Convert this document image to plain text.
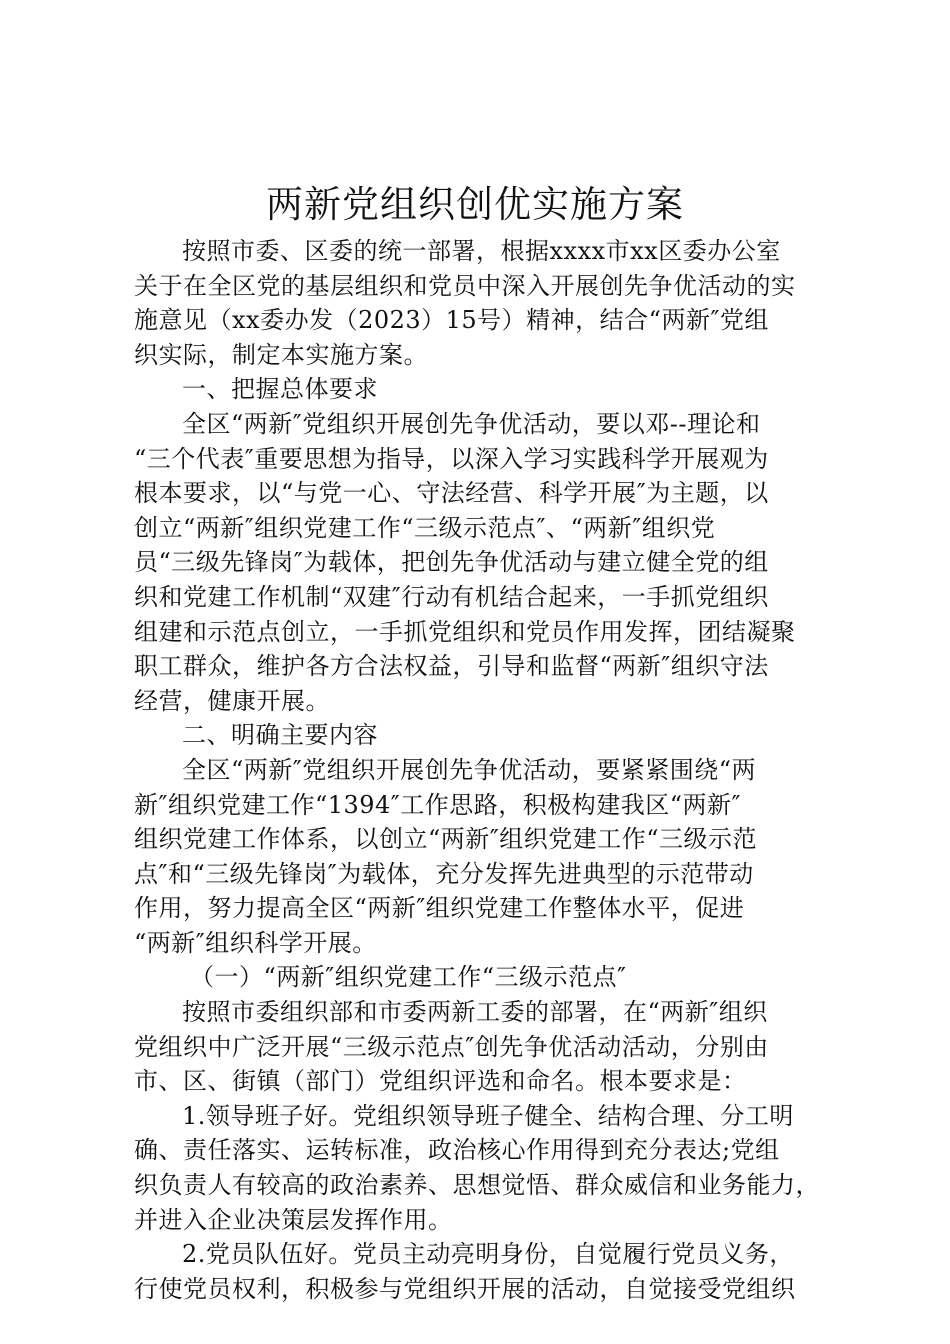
两新党组织创优实施方案
按照市委、区委的统一部署，根据xxxx市xx区委办公室
关于在全区党的基层组织和党员中深入开展创先争优活动的实
施意见（xx委办发（2023）15号）精神，结合“两新″党组
织实际，制定本实施方案。
一、把握总体要求
全区“两新″党组织开展创先争优活动，要以邓--理论和
“三个代表″重要思想为指导，以深入学习实践科学开展观为
根本要求，以“与党一心、守法经营、科学开展″为主题，以
创立“两新″组织党建工作“三级示范点″、“两新″组织党
员“三级先锋岗″为载体，把创先争优活动与建立健全党的组
织和党建工作机制“双建″行动有机结合起来，一手抓党组织
组建和示范点创立，一手抓党组织和党员作用发挥，团结凝聚
职工群众，维护各方合法权益，引导和监督“两新″组织守法
经营，健康开展。
二、明确主要内容
全区“两新″党组织开展创先争优活动，要紧紧围绕“两
新″组织党建工作“1394″工作思路，积极构建我区“两新″
组织党建工作体系，以创立“两新″组织党建工作“三级示范
点″和“三级先锋岗″为载体，充分发挥先进典型的示范带动
作用，努力提高全区“两新″组织党建工作整体水平，促进
“两新″组织科学开展。
（一）“两新″组织党建工作“三级示范点″
按照市委组织部和市委两新工委的部署，在“两新″组织
党组织中广泛开展“三级示范点″创先争优活动活动，分别由
市、区、街镇（部门）党组织评选和命名。根本要求是：
1.领导班子好。党组织领导班子健全、结构合理、分工明
确、责任落实、运转标准，政治核心作用得到充分表达;党组
织负责人有较高的政治素养、思想觉悟、群众威信和业务能力，
并进入企业决策层发挥作用。
2.党员队伍好。党员主动亮明身份，自觉履行党员义务，
行使党员权利，积极参与党组织开展的活动，自觉接受党组织
